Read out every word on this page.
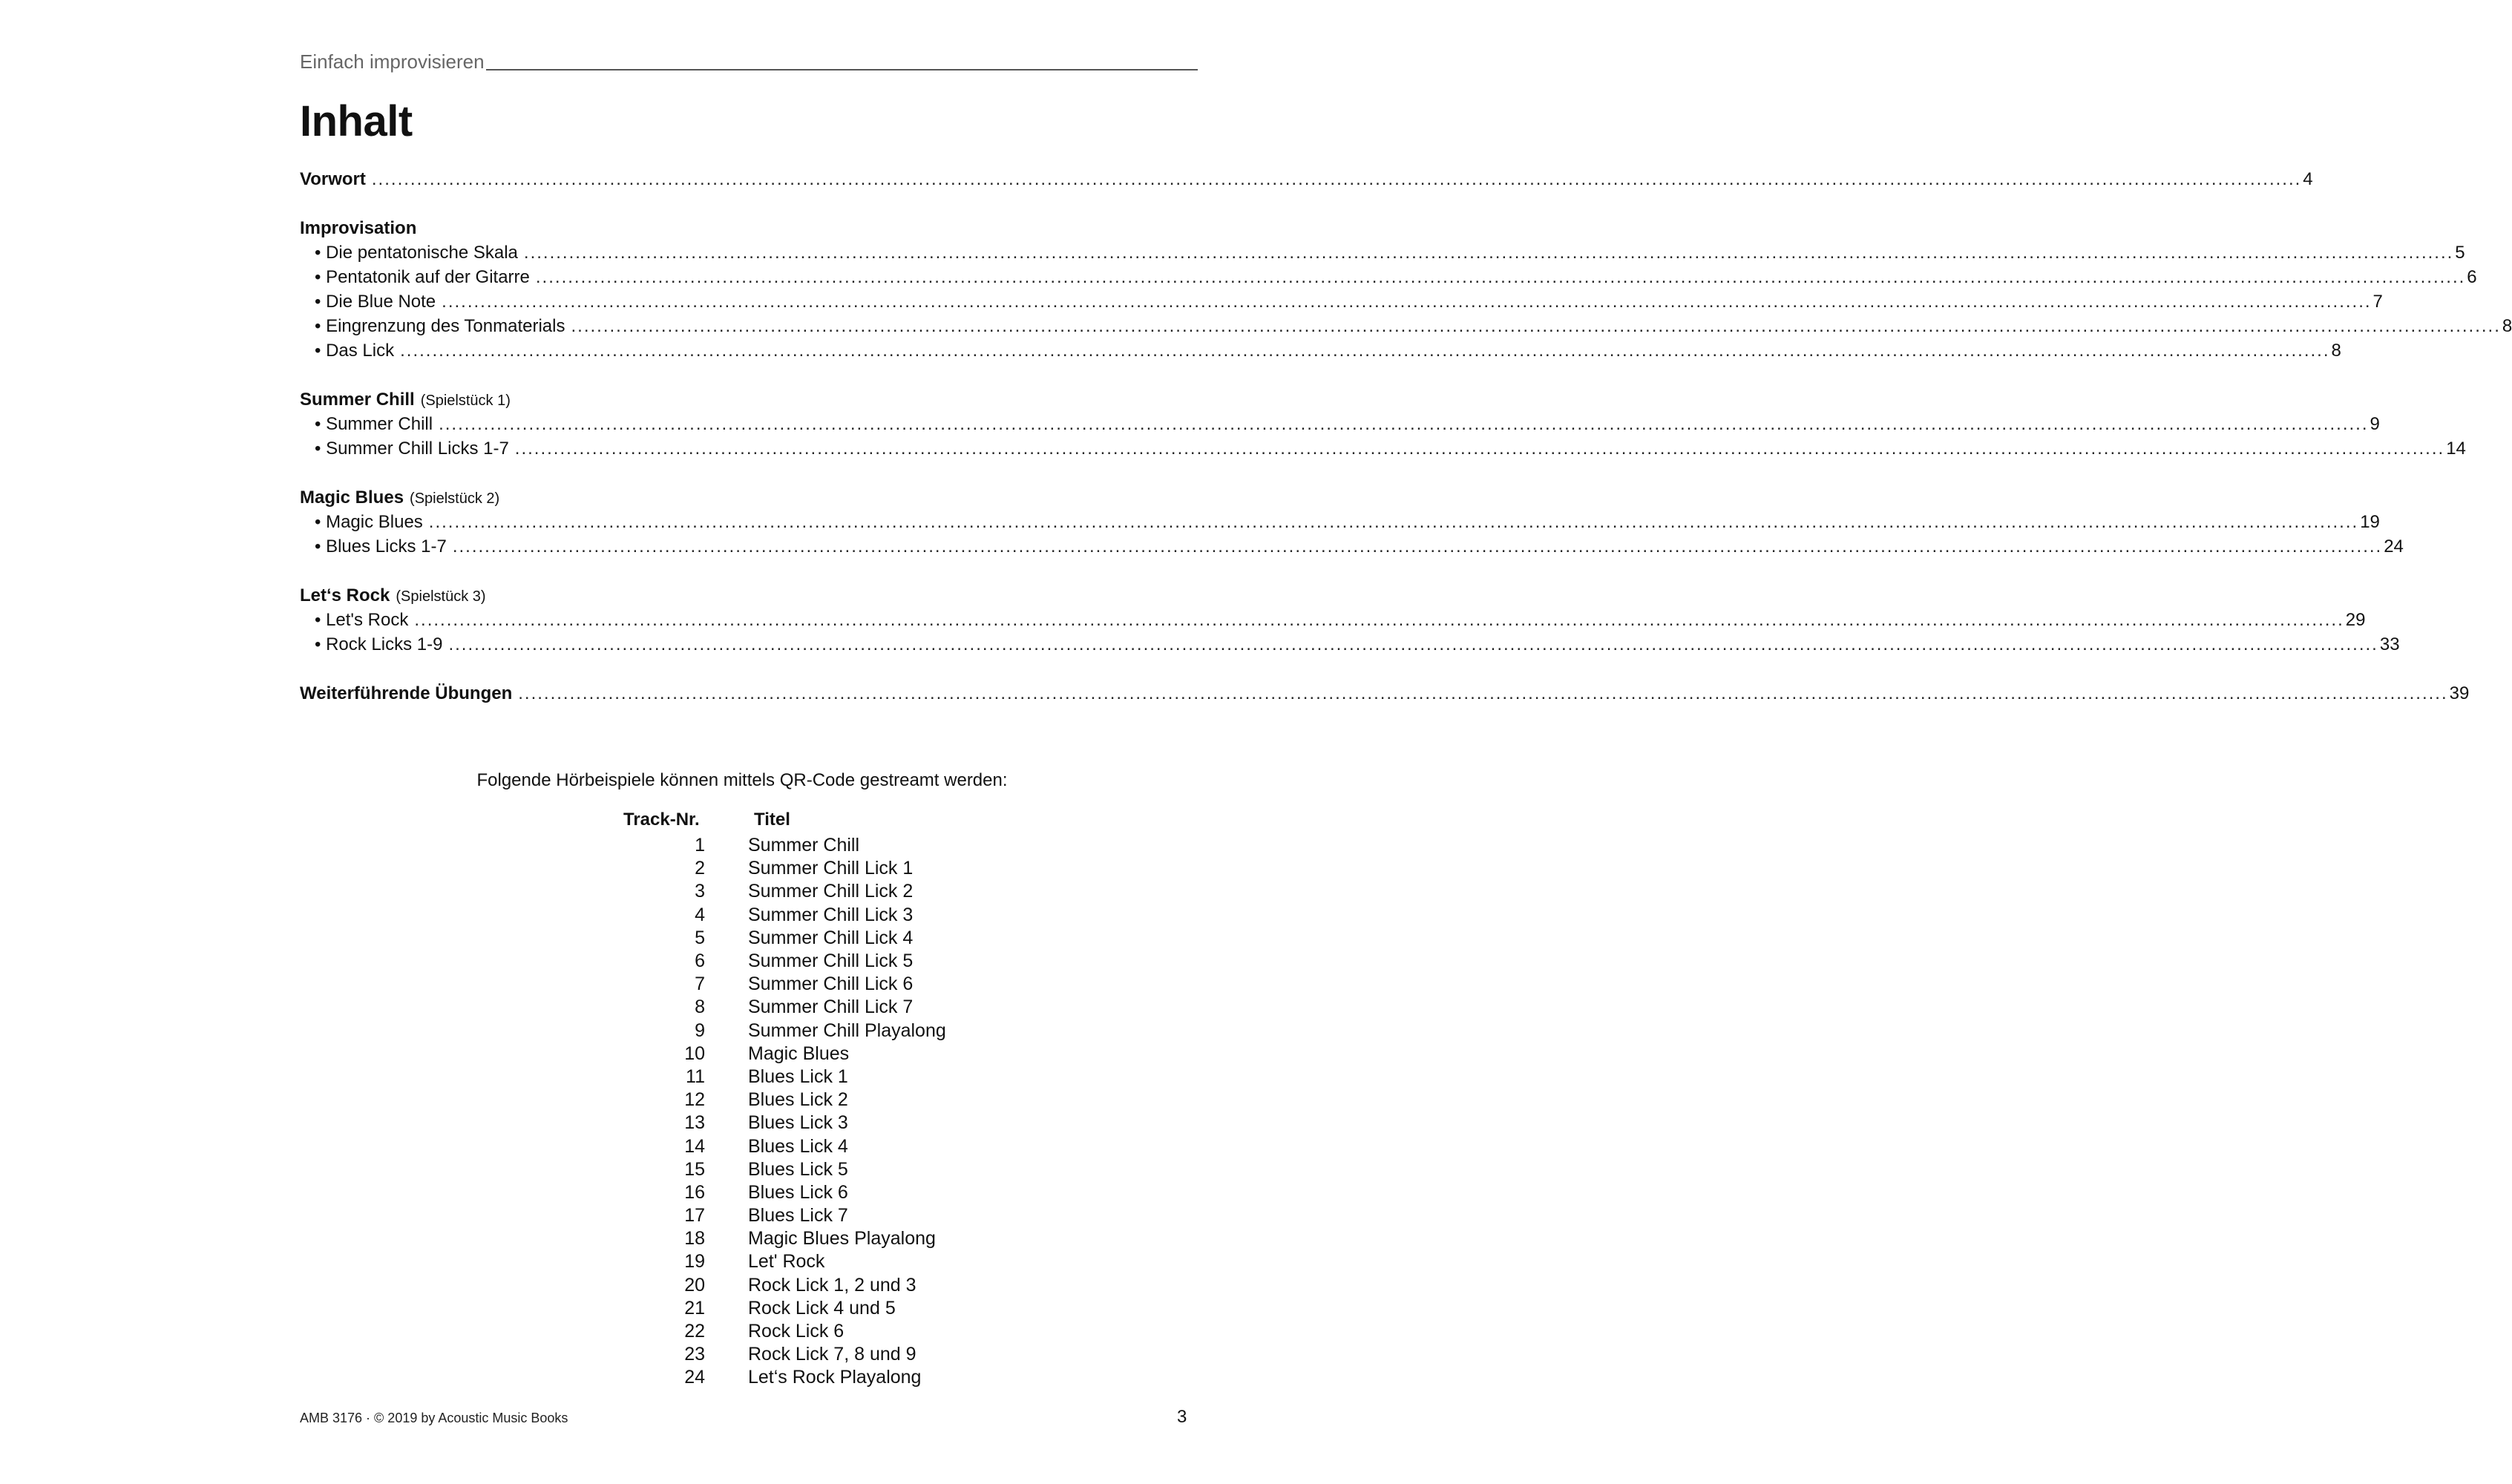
Einfach improvisieren
Inhalt
Vorwort ............................................................................................................................................................................................................................................................................................................ 4
Improvisation
• Die pentatonische Skala ............................................................................................................................................................................................................................................................................................................ 5
• Pentatonik auf der Gitarre ............................................................................................................................................................................................................................................................................................................ 6
• Die Blue Note ............................................................................................................................................................................................................................................................................................................ 7
• Eingrenzung des Tonmaterials ............................................................................................................................................................................................................................................................................................................ 8
• Das Lick ............................................................................................................................................................................................................................................................................................................ 8
Summer Chill (Spielstück 1)
• Summer Chill ............................................................................................................................................................................................................................................................................................................ 9
• Summer Chill Licks 1-7 ............................................................................................................................................................................................................................................................................................................ 14
Magic Blues (Spielstück 2)
• Magic Blues ............................................................................................................................................................................................................................................................................................................ 19
• Blues Licks 1-7 ............................................................................................................................................................................................................................................................................................................ 24
Let‘s Rock (Spielstück 3)
• Let's Rock ............................................................................................................................................................................................................................................................................................................ 29
• Rock Licks 1-9 ............................................................................................................................................................................................................................................................................................................ 33
Weiterführende Übungen ............................................................................................................................................................................................................................................................................................................ 39
Folgende Hörbeispiele können mittels QR-Code gestreamt werden:
Track-Nr.	Titel
1	Summer Chill
2	Summer Chill Lick 1
3	Summer Chill Lick 2
4	Summer Chill Lick 3
5	Summer Chill Lick 4
6	Summer Chill Lick 5
7	Summer Chill Lick 6
8	Summer Chill Lick 7
9	Summer Chill Playalong
10	Magic Blues
11	Blues Lick 1
12	Blues Lick 2
13	Blues Lick 3
14	Blues Lick 4
15	Blues Lick 5
16	Blues Lick 6
17	Blues Lick 7
18	Magic Blues Playalong
19	Let' Rock
20	Rock Lick 1, 2 und 3
21	Rock Lick 4 und 5
22	Rock Lick 6
23	Rock Lick 7, 8 und 9
24	Let‘s Rock Playalong
AMB 3176 · © 2019 by Acoustic Music Books	3
